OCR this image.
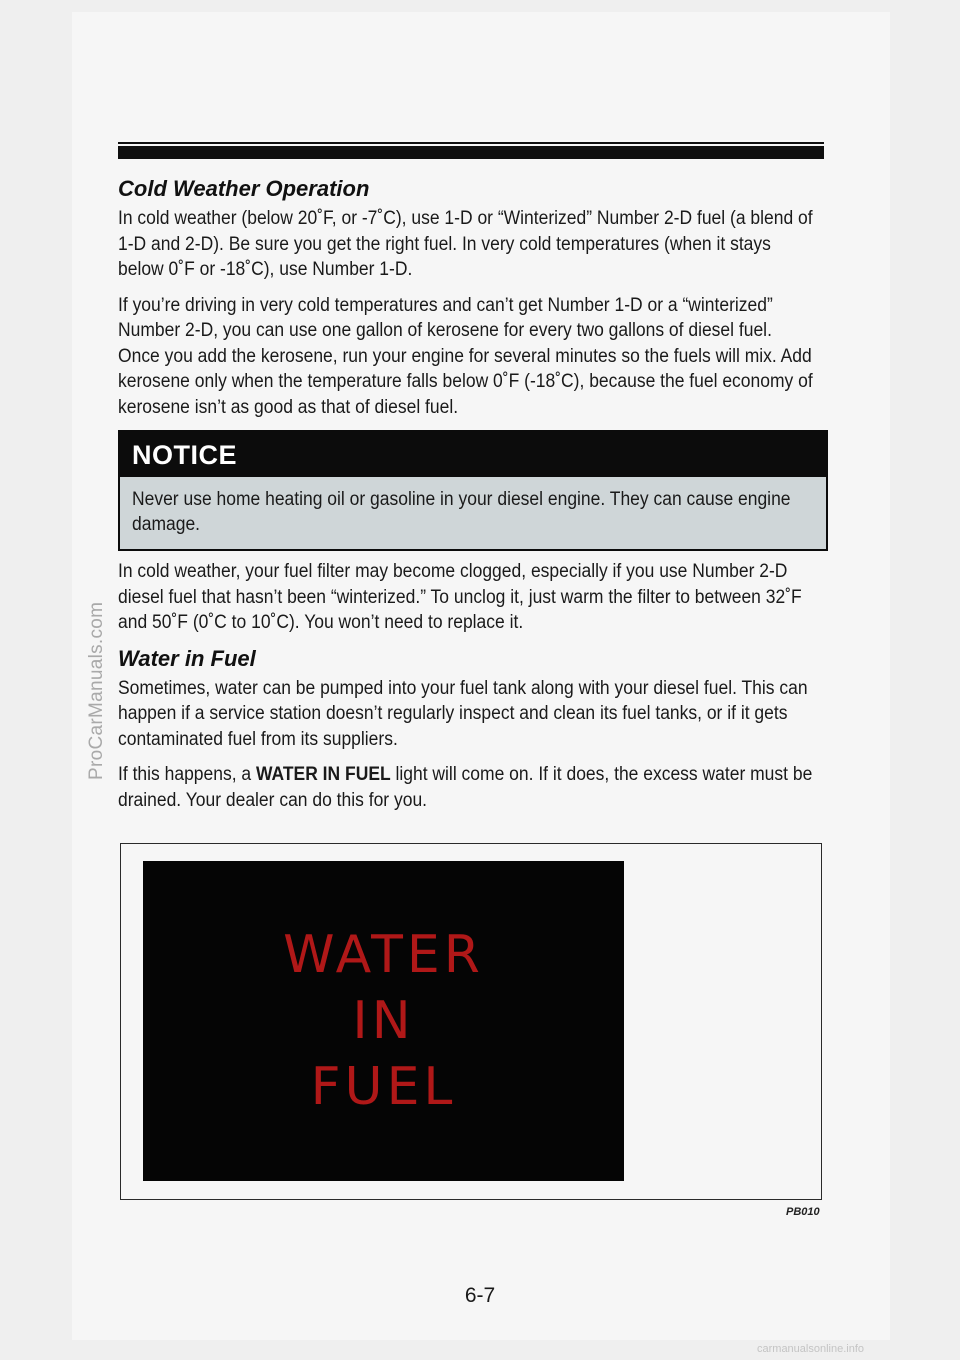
Cold Weather Operation

In cold weather (below 20˚F, or -7˚C), use 1-D or “Winterized” Number 2-D fuel (a blend of 1-D and 2-D). Be sure you get the right fuel. In very cold temperatures (when it stays below 0˚F or -18˚C), use Number 1-D.

If you’re driving in very cold temperatures and can’t get Number 1-D or a “winterized” Number 2-D, you can use one gallon of kerosene for every two gallons of diesel fuel. Once you add the kerosene, run your engine for several minutes so the fuels will mix. Add kerosene only when the temperature falls below 0˚F (-18˚C), because the fuel economy of kerosene isn’t as good as that of diesel fuel.

NOTICE
Never use home heating oil or gasoline in your diesel engine. They can cause engine damage.

In cold weather, your fuel filter may become clogged, especially if you use Number 2-D diesel fuel that hasn’t been “winterized.” To unclog it, just warm the filter to between 32˚F and 50˚F (0˚C to 10˚C). You won’t need to replace it.

Water in Fuel

Sometimes, water can be pumped into your fuel tank along with your diesel fuel. This can happen if a service station doesn’t regularly inspect and clean its fuel tanks, or if it gets contaminated fuel from its suppliers.

If this happens, a WATER IN FUEL light will come on. If it does, the excess water must be drained. Your dealer can do this for you.

WATER
IN
FUEL
PB010
6-7
ProCarManuals.com
carmanualsonline.info
